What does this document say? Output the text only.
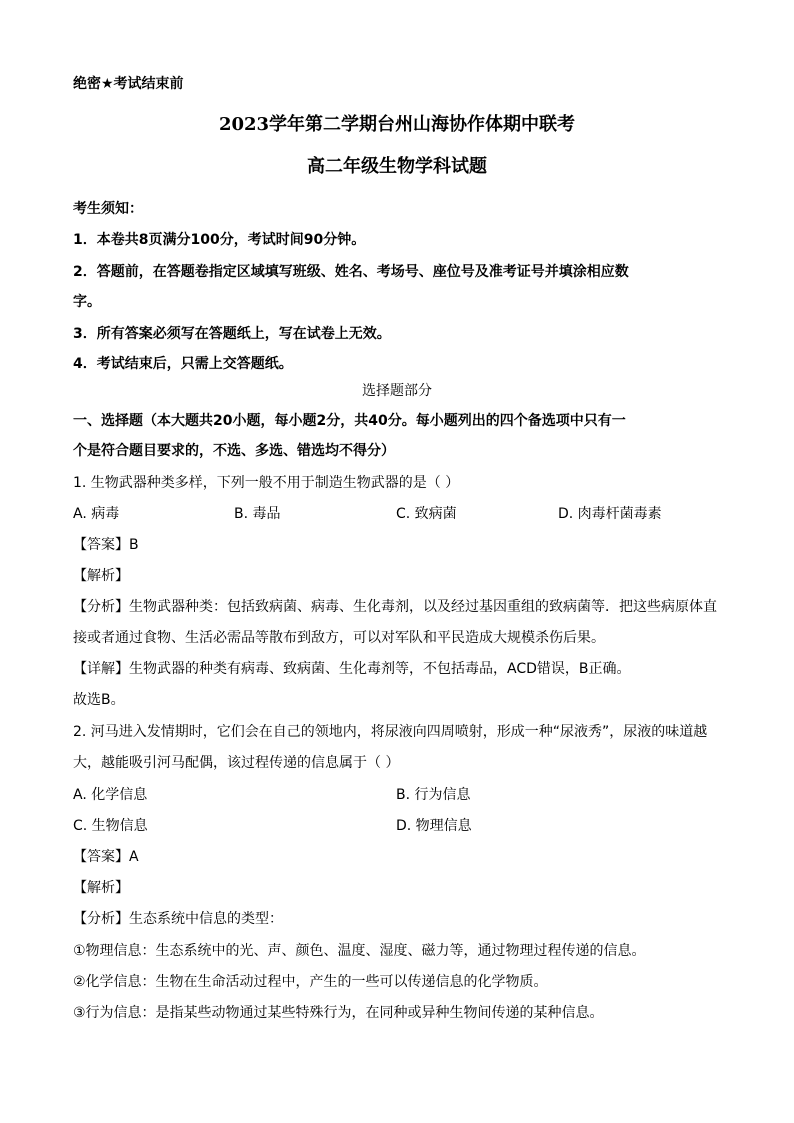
绝密★考试结束前
2023学年第二学期台州山海协作体期中联考
高二年级生物学科试题
考生须知：
1．本卷共8页满分100分，考试时间90分钟。
2．答题前，在答题卷指定区域填写班级、姓名、考场号、座位号及准考证号并填涂相应数
字。
3．所有答案必须写在答题纸上，写在试卷上无效。
4．考试结束后，只需上交答题纸。
选择题部分
一、选择题（本大题共20小题，每小题2分，共40分。每小题列出的四个备选项中只有一
个是符合题目要求的，不选、多选、错选均不得分）
1. 生物武器种类多样，下列一般不用于制造生物武器的是（ ）
A. 病毒	B. 毒品	C. 致病菌	D. 肉毒杆菌毒素
【答案】B
【解析】
【分析】生物武器种类：包括致病菌、病毒、生化毒剂，以及经过基因重组的致病菌等．把这些病原体直
接或者通过食物、生活必需品等散布到敌方，可以对军队和平民造成大规模杀伤后果。
【详解】生物武器的种类有病毒、致病菌、生化毒剂等，不包括毒品，ACD错误，B正确。
故选B。
2. 河马进入发情期时，它们会在自己的领地内，将尿液向四周喷射，形成一种“尿液秀”，尿液的味道越
大，越能吸引河马配偶，该过程传递的信息属于（ ）
A. 化学信息	B. 行为信息
C. 生物信息	D. 物理信息
【答案】A
【解析】
【分析】生态系统中信息的类型：
①物理信息：生态系统中的光、声、颜色、温度、湿度、磁力等，通过物理过程传递的信息。
②化学信息：生物在生命活动过程中，产生的一些可以传递信息的化学物质。
③行为信息：是指某些动物通过某些特殊行为，在同种或异种生物间传递的某种信息。
